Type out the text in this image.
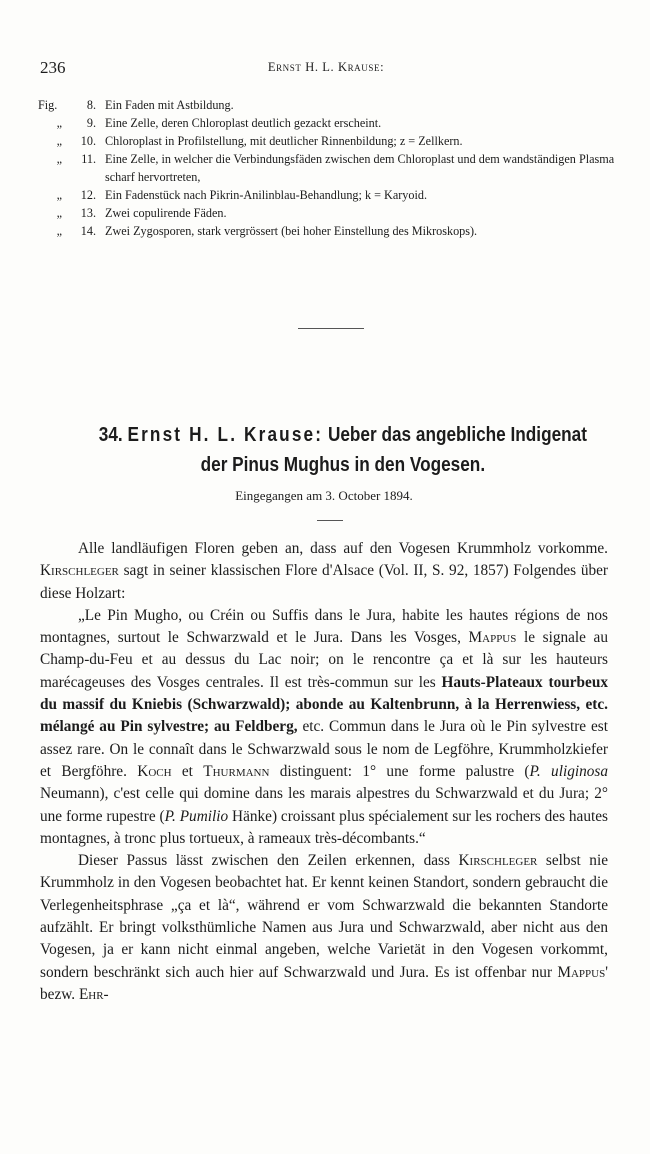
236	Ernst H. L. Krause:
Fig.	8. Ein Faden mit Astbildung.
„	9. Eine Zelle, deren Chloroplast deutlich gezackt erscheint.
„	10. Chloroplast in Profilstellung, mit deutlicher Rinnenbildung; z = Zellkern.
„	11. Eine Zelle, in welcher die Verbindungsfäden zwischen dem Chloroplast und dem wandständigen Plasma scharf hervortreten,
„	12. Ein Fadenstück nach Pikrin-Anilinblau-Behandlung; k = Karyoid.
„	13. Zwei copulirende Fäden.
„	14. Zwei Zygosporen, stark vergrössert (bei hoher Einstellung des Mikroskops).
34. Ernst H. L. Krause: Ueber das angebliche Indigenat
der Pinus Mughus in den Vogesen.
Eingegangen am 3. October 1894.

Alle landläufigen Floren geben an, dass auf den Vogesen Krummholz vorkomme. Kirschleger sagt in seiner klassischen Flore d'Alsace (Vol. II, S. 92, 1857) Folgendes über diese Holzart:

„Le Pin Mugho, ou Créin ou Suffis dans le Jura, habite les hautes régions de nos montagnes, surtout le Schwarzwald et le Jura. Dans les Vosges, Mappus le signale au Champ-du-Feu et au dessus du Lac noir; on le rencontre ça et là sur les hauteurs marécageuses des Vosges centrales. Il est très-commun sur les Hauts-Plateaux tourbeux du massif du Kniebis (Schwarzwald); abonde au Kaltenbrunn, à la Herrenwiess, etc. mélangé au Pin sylvestre; au Feldberg, etc. Commun dans le Jura où le Pin sylvestre est assez rare. On le connaît dans le Schwarzwald sous le nom de Legföhre, Krummholzkiefer et Bergföhre. Koch et Thurmann distinguent: 1° une forme palustre (P. uliginosa Neumann), c'est celle qui domine dans les marais alpestres du Schwarzwald et du Jura; 2° une forme rupestre (P. Pumilio Hänke) croissant plus spécialement sur les rochers des hautes montagnes, à tronc plus tortueux, à rameaux très-décombants.“

Dieser Passus lässt zwischen den Zeilen erkennen, dass Kirschleger selbst nie Krummholz in den Vogesen beobachtet hat. Er kennt keinen Standort, sondern gebraucht die Verlegenheitsphrase „ça et là“, während er vom Schwarzwald die bekannten Standorte aufzählt. Er bringt volksthümliche Namen aus Jura und Schwarzwald, aber nicht aus den Vogesen, ja er kann nicht einmal angeben, welche Varietät in den Vogesen vorkommt, sondern beschränkt sich auch hier auf Schwarzwald und Jura. Es ist offenbar nur Mappus' bezw. Ehr-
